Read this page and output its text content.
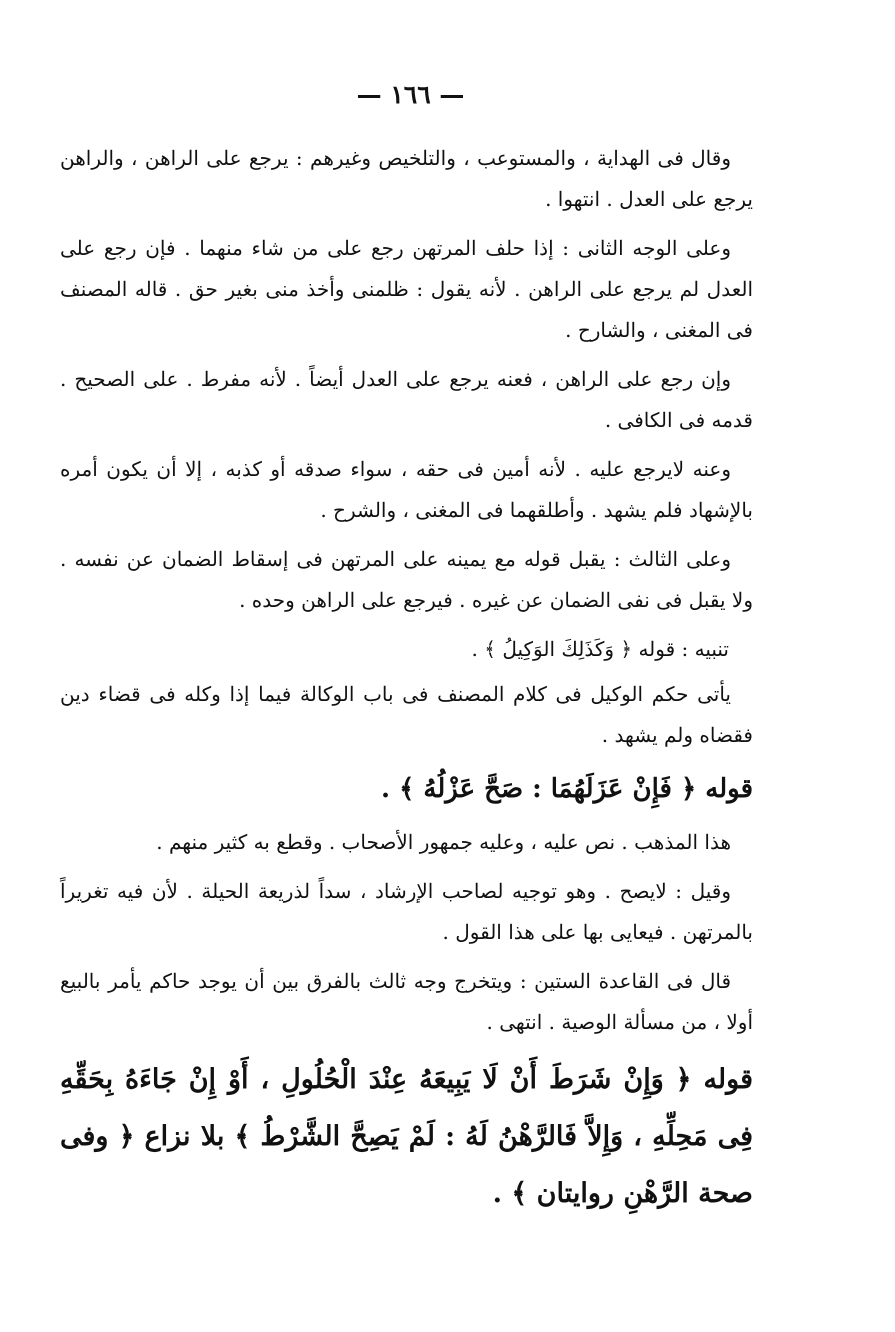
— ١٦٦ —

وقال فى الهداية ، والمستوعب ، والتلخيص وغيرهم : يرجع على الراهن ، والراهن يرجع على العدل . انتهوا .

وعلى الوجه الثانى : إذا حلف المرتهن رجع على من شاء منهما . فإن رجع على العدل لم يرجع على الراهن . لأنه يقول : ظلمنى وأخذ منى بغير حق . قاله المصنف فى المغنى ، والشارح .

وإن رجع على الراهن ، فعنه يرجع على العدل أيضاً . لأنه مفرط . على الصحيح . قدمه فى الكافى .

وعنه لايرجع عليه . لأنه أمين فى حقه ، سواء صدقه أو كذبه ، إلا أن يكون أمره بالإشهاد فلم يشهد . وأطلقهما فى المغنى ، والشرح .

وعلى الثالث : يقبل قوله مع يمينه على المرتهن فى إسقاط الضمان عن نفسه . ولا يقبل فى نفى الضمان عن غيره . فيرجع على الراهن وحده .

تنبيه : قوله ﴿ وَكَذَلِكَ الوَكِيلُ ﴾ .

يأتى حكم الوكيل فى كلام المصنف فى باب الوكالة فيما إذا وكله فى قضاء دين فقضاه ولم يشهد .

قوله ﴿ فَإِنْ عَزَلَهُمَا : صَحَّ عَزْلُهُ ﴾ .

هذا المذهب . نص عليه ، وعليه جمهور الأصحاب . وقطع به كثير منهم .

وقيل : لايصح . وهو توجيه لصاحب الإرشاد ، سداً لذريعة الحيلة . لأن فيه تغريراً بالمرتهن . فيعايى بها على هذا القول .

قال فى القاعدة الستين : ويتخرج وجه ثالث بالفرق بين أن يوجد حاكم يأمر بالبيع أولا ، من مسألة الوصية . انتهى .

قوله ﴿ وَإِنْ شَرَطَ أَنْ لَا يَبِيعَهُ عِنْدَ الْحُلُولِ ، أَوْ إِنْ جَاءَهُ بِحَقِّهِ فِى مَحِلِّهِ ، وَإِلاَّ فَالرَّهْنُ لَهُ : لَمْ يَصِحَّ الشَّرْطُ ﴾ بلا نزاع ﴿ وفى صحة الرَّهْنِ روايتان ﴾ .
